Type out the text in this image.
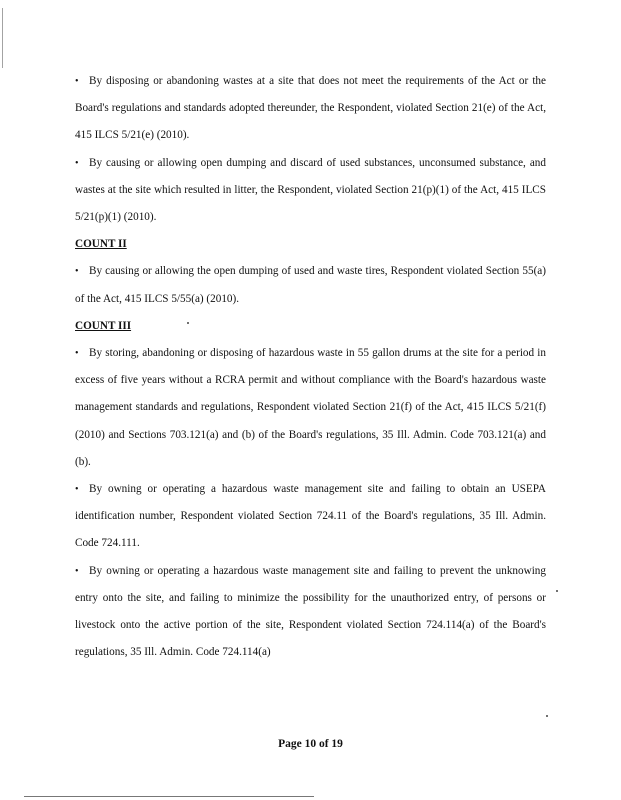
• By disposing or abandoning wastes at a site that does not meet the requirements of the Act or the Board's regulations and standards adopted thereunder, the Respondent, violated Section 21(e) of the Act, 415 ILCS 5/21(e) (2010).

• By causing or allowing open dumping and discard of used substances, unconsumed substance, and wastes at the site which resulted in litter, the Respondent, violated Section 21(p)(1) of the Act, 415 ILCS 5/21(p)(1) (2010).

COUNT II

• By causing or allowing the open dumping of used and waste tires, Respondent violated Section 55(a) of the Act, 415 ILCS 5/55(a) (2010).

COUNT III

• By storing, abandoning or disposing of hazardous waste in 55 gallon drums at the site for a period in excess of five years without a RCRA permit and without compliance with the Board's hazardous waste management standards and regulations, Respondent violated Section 21(f) of the Act, 415 ILCS 5/21(f) (2010) and Sections 703.121(a) and (b) of the Board's regulations, 35 Ill. Admin. Code 703.121(a) and (b).

• By owning or operating a hazardous waste management site and failing to obtain an USEPA identification number, Respondent violated Section 724.11 of the Board's regulations, 35 Ill. Admin. Code 724.111.

• By owning or operating a hazardous waste management site and failing to prevent the unknowing entry onto the site, and failing to minimize the possibility for the unauthorized entry, of persons or livestock onto the active portion of the site, Respondent violated Section 724.114(a) of the Board's regulations, 35 Ill. Admin. Code 724.114(a)

Page 10 of 19
